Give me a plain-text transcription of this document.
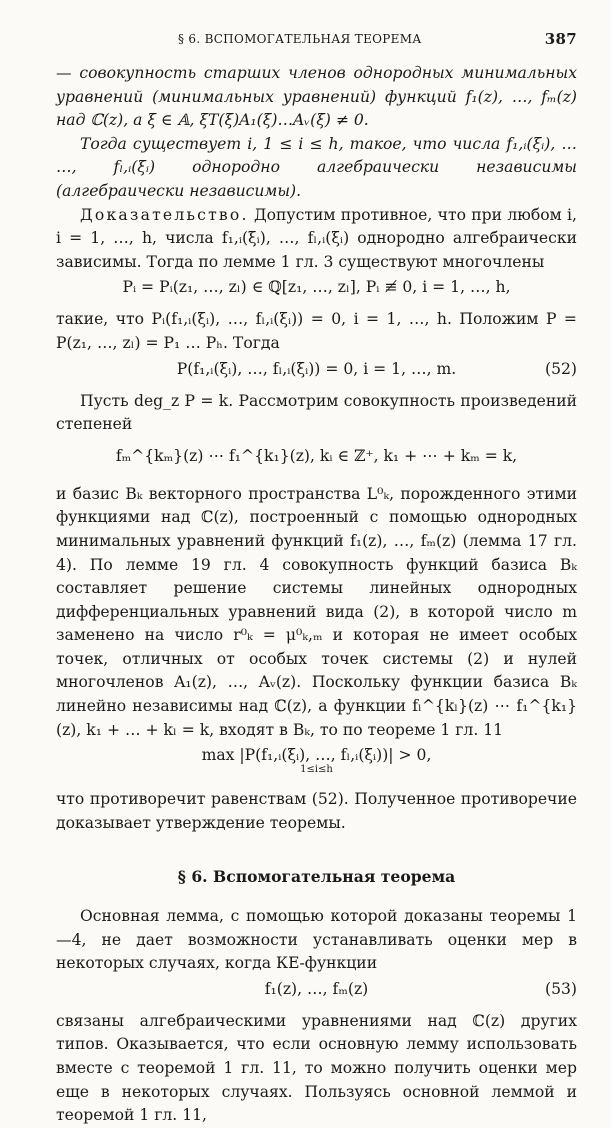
§ 6. ВСПОМОГАТЕЛЬНАЯ ТЕОРЕМА	387

— совокупность старших членов однородных минимальных уравнений (минимальных уравнений) функций f₁(z), …, fₘ(z) над ℂ(z), а ξ ∈ 𝔸, ξT(ξ)A₁(ξ)…Aᵥ(ξ) ≠ 0.

Тогда существует i, 1 ≤ i ≤ h, такое, что числа f₁,ᵢ(ξᵢ), … …, fₗ,ᵢ(ξᵢ) однородно алгебраически независимы (алгебраически независимы).

Доказательство. Допустим противное, что при любом i, i = 1, …, h, числа f₁,ᵢ(ξᵢ), …, fₗ,ᵢ(ξᵢ) однородно алгебраически зависимы. Тогда по лемме 1 гл. 3 существуют многочлены

Pᵢ = Pᵢ(z₁, …, zₗ) ∈ ℚ[z₁, …, zₗ], Pᵢ ≢ 0, i = 1, …, h,

такие, что Pᵢ(f₁,ᵢ(ξᵢ), …, fₗ,ᵢ(ξᵢ)) = 0, i = 1, …, h. Положим P = P(z₁, …, zₗ) = P₁ … Pₕ. Тогда

P(f₁,ᵢ(ξᵢ), …, fₗ,ᵢ(ξᵢ)) = 0, i = 1, …, m.	(52)

Пусть deg_z P = k. Рассмотрим совокупность произведений степеней

fₘ^{kₘ}(z) ⋯ f₁^{k₁}(z), kᵢ ∈ ℤ⁺, k₁ + ⋯ + kₘ = k,

и базис Bₖ векторного пространства L⁰ₖ, порожденного этими функциями над ℂ(z), построенный с помощью однородных минимальных уравнений функций f₁(z), …, fₘ(z) (лемма 17 гл. 4). По лемме 19 гл. 4 совокупность функций базиса Bₖ составляет решение системы линейных однородных дифференциальных уравнений вида (2), в которой число m заменено на число r⁰ₖ = μ⁰ₖ,ₘ и которая не имеет особых точек, отличных от особых точек системы (2) и нулей многочленов A₁(z), …, Aᵥ(z). Поскольку функции базиса Bₖ линейно независимы над ℂ(z), а функции fₗ^{kₗ}(z) ⋯ f₁^{k₁}(z), k₁ + … + kₗ = k, входят в Bₖ, то по теореме 1 гл. 11

max |P(f₁,ᵢ(ξᵢ), …, fₗ,ᵢ(ξᵢ))| > 0,
1≤i≤h

что противоречит равенствам (52). Полученное противоречие доказывает утверждение теоремы.

§ 6. Вспомогательная теорема

Основная лемма, с помощью которой доказаны теоремы 1—4, не дает возможности устанавливать оценки мер в некоторых случаях, когда КЕ-функции

f₁(z), …, fₘ(z)	(53)

связаны алгебраическими уравнениями над ℂ(z) других типов. Оказывается, что если основную лемму использовать вместе с теоремой 1 гл. 11, то можно получить оценки мер еще в некоторых случаях. Пользуясь основной леммой и теоремой 1 гл. 11,
